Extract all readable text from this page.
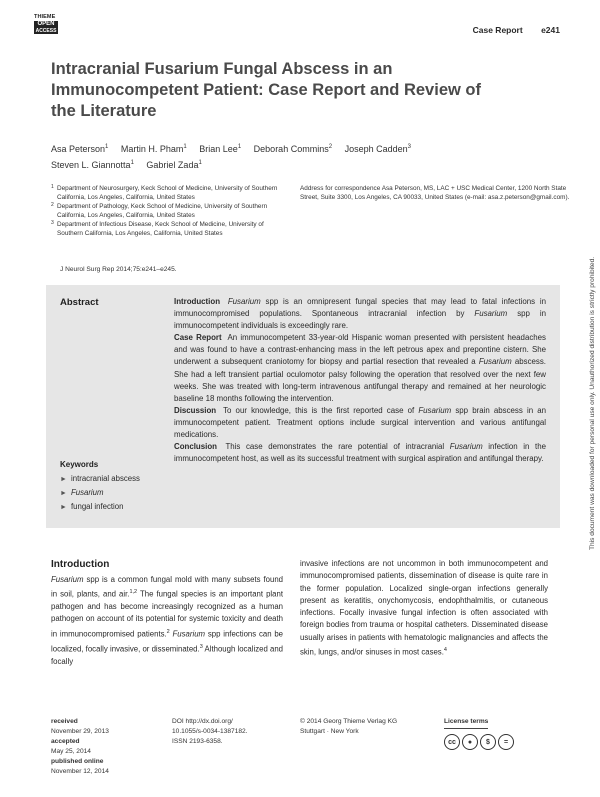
THIEME
OPEN
ACCESS	Case Report e241
Intracranial Fusarium Fungal Abscess in an Immunocompetent Patient: Case Report and Review of the Literature
Asa Peterson$^1$ Martin H. Pham$^1$ Brian Lee$^1$ Deborah Commins$^2$ Joseph Cadden$^3$
Steven L. Giannotta$^1$ Gabriel Zada$^1$
1 Department of Neurosurgery, Keck School of Medicine, University of Southern California, Los Angeles, California, United States
2 Department of Pathology, Keck School of Medicine, University of Southern California, Los Angeles, California, United States
3 Department of Infectious Disease, Keck School of Medicine, University of Southern California, Los Angeles, California, United States
Address for correspondence Asa Peterson, MS, LAC + USC Medical Center, 1200 North State Street, Suite 3300, Los Angeles, CA 90033, United States (e-mail: asa.z.peterson@gmail.com).
J Neurol Surg Rep 2014;75:e241–e245.
Abstract	Introduction Fusarium spp is an omnipresent fungal species that may lead to fatal infections in immunocompromised populations. Spontaneous intracranial infection by Fusarium spp in immunocompetent individuals is exceedingly rare.

Case Report An immunocompetent 33-year-old Hispanic woman presented with persistent headaches and was found to have a contrast-enhancing mass in the left petrous apex and prepontine cistern. She underwent a subsequent craniotomy for biopsy and partial resection that revealed a Fusarium abscess. She had a left transient partial oculomotor palsy following the operation that resolved over the next few weeks. She was treated with long-term intravenous antifungal therapy and remained at her neurologic baseline 18 months following the intervention.

Discussion To our knowledge, this is the first reported case of Fusarium spp brain abscess in an immunocompetent patient. Treatment options include surgical intervention and various antifungal medications.

Conclusion This case demonstrates the rare potential of intracranial Fusarium infection in the immunocompetent host, as well as its successful treatment with surgical aspiration and antifungal therapy.

Keywords
► intracranial abscess
► Fusarium
► fungal infection	This document was downloaded for personal use only. Unauthorized distribution is strictly prohibited.
Introduction

Fusarium spp is a common fungal mold with many subsets found in soil, plants, and air.$^{1,2}$ The fungal species is an important plant pathogen and has become increasingly recognized as a human pathogen on account of its potential for systemic toxicity and death in immunocompromised patients.$^2$ Fusarium spp infections can be localized, focally invasive, or disseminated.$^3$ Although localized and focally

invasive infections are not uncommon in both immunocompetent and immunocompromised patients, dissemination of disease is quite rare in the former population. Localized single-organ infections generally present as keratitis, onychomycosis, endophthalmitis, or cutaneous infections. Focally invasive fungal infection is often associated with foreign bodies from trauma or hospital catheters. Disseminated disease usually arises in patients with hematologic malignancies and affects the skin, lungs, and/or sinuses in most cases.$^4$

received
November 29, 2013
accepted
May 25, 2014
published online
November 12, 2014
DOI http://dx.doi.org/
10.1055/s-0034-1387182.
ISSN 2193-6358.
© 2014 Georg Thieme Verlag KG
Stuttgart · New York
License terms
cc	●	$	=
